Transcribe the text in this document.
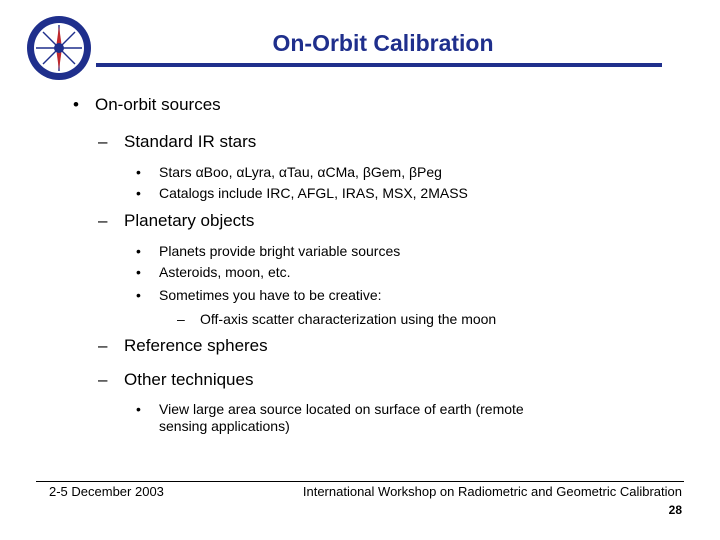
S	U	On-Orbit Calibration
• On-orbit sources
– Standard IR stars
• Stars αBoo, αLyra, αTau, αCMa, βGem, βPeg
• Catalogs include IRC, AFGL, IRAS, MSX, 2MASS
– Planetary objects
• Planets provide bright variable sources
• Asteroids, moon, etc.
• Sometimes you have to be creative:
– Off-axis scatter characterization using the moon
– Reference spheres
– Other techniques
• View large area source located on surface of earth (remote
sensing applications)
2-5 December 2003	International Workshop on Radiometric and Geometric Calibration
28
